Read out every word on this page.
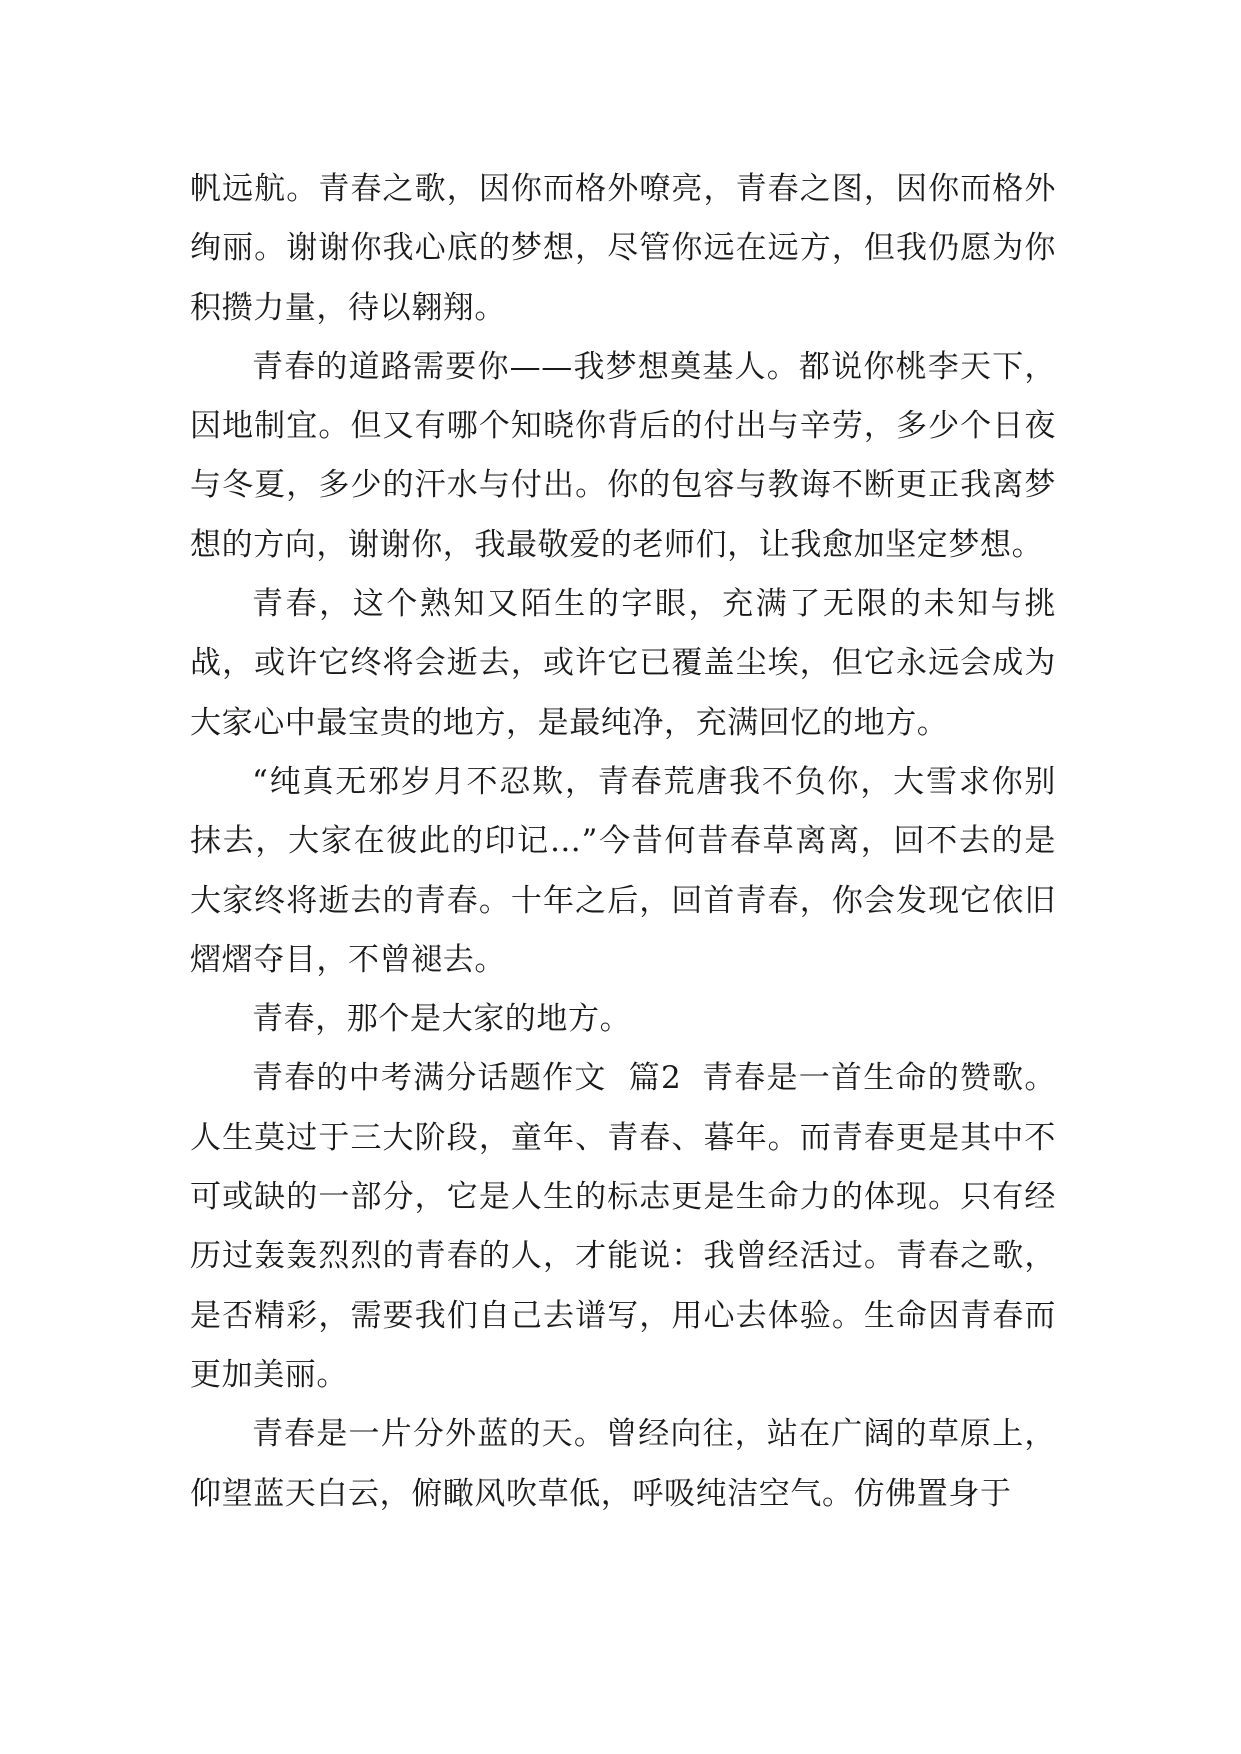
帆远航。青春之歌，因你而格外嘹亮，青春之图，因你而格外绚丽。谢谢你我心底的梦想，尽管你远在远方，但我仍愿为你积攒力量，待以翱翔。

青春的道路需要你——我梦想奠基人。都说你桃李天下，因地制宜。但又有哪个知晓你背后的付出与辛劳，多少个日夜与冬夏，多少的汗水与付出。你的包容与教诲不断更正我离梦想的方向，谢谢你，我最敬爱的老师们，让我愈加坚定梦想。

青春，这个熟知又陌生的字眼，充满了无限的未知与挑战，或许它终将会逝去，或许它已覆盖尘埃，但它永远会成为大家心中最宝贵的地方，是最纯净，充满回忆的地方。

“纯真无邪岁月不忍欺，青春荒唐我不负你，大雪求你别抹去，大家在彼此的印记…”今昔何昔春草离离，回不去的是大家终将逝去的青春。十年之后，回首青春，你会发现它依旧熠熠夺目，不曾褪去。

青春，那个是大家的地方。

青春的中考满分话题作文  篇2 青春是一首生命的赞歌。人生莫过于三大阶段，童年、青春、暮年。而青春更是其中不可或缺的一部分，它是人生的标志更是生命力的体现。只有经历过轰轰烈烈的青春的人，才能说：我曾经活过。青春之歌，是否精彩，需要我们自己去谱写，用心去体验。生命因青春而更加美丽。

青春是一片分外蓝的天。曾经向往，站在广阔的草原上，仰望蓝天白云，俯瞰风吹草低，呼吸纯洁空气。仿佛置身于
